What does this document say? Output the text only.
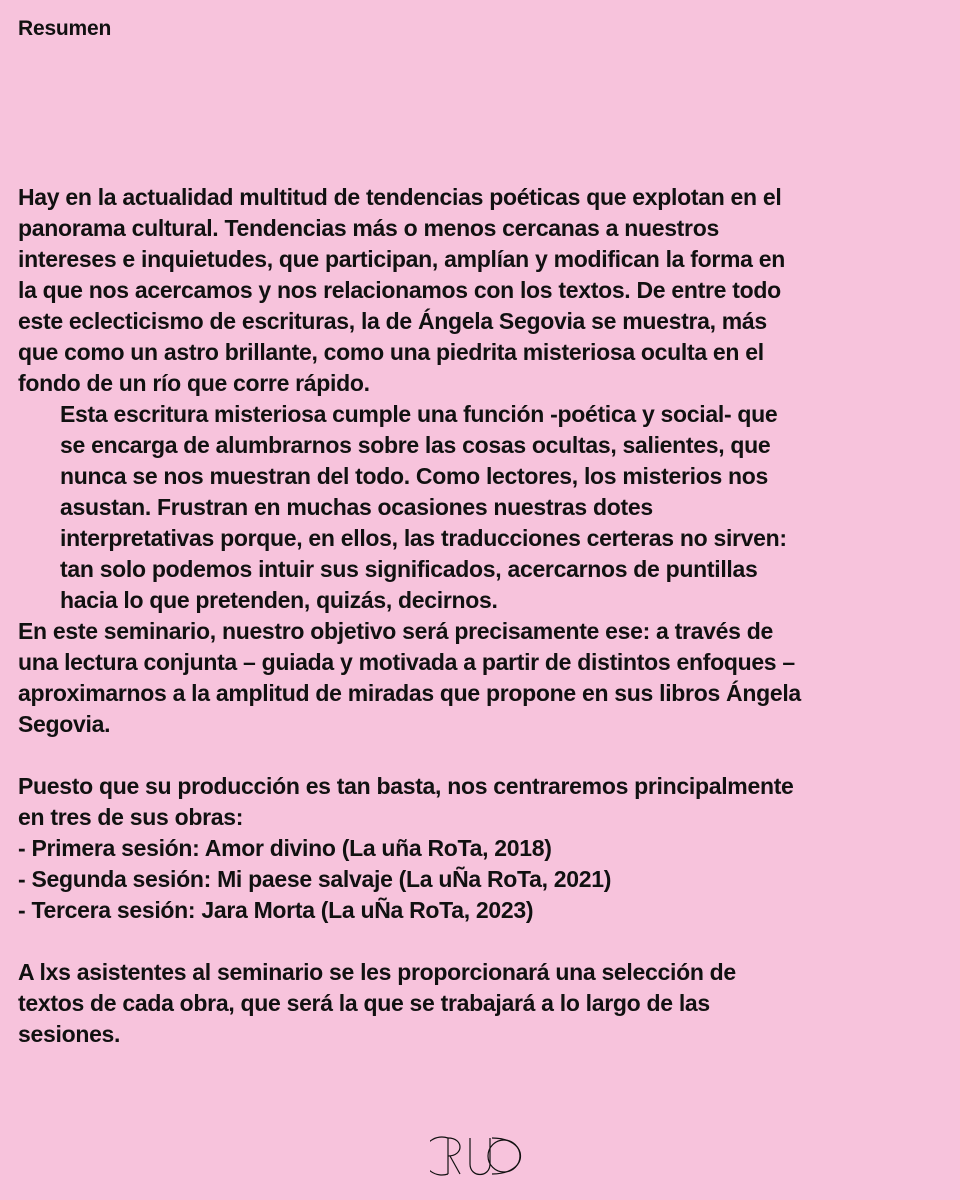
Resumen

Hay en la actualidad multitud de tendencias poéticas que explotan en el
panorama cultural. Tendencias más o menos cercanas a nuestros
intereses e inquietudes, que participan, amplían y modifican la forma en
la que nos acercamos y nos relacionamos con los textos. De entre todo
este eclecticismo de escrituras, la de Ángela Segovia se muestra, más
que como un astro brillante, como una piedrita misteriosa oculta en el
fondo de un río que corre rápido.

Esta escritura misteriosa cumple una función -poética y social- que
se encarga de alumbrarnos sobre las cosas ocultas, salientes, que
nunca se nos muestran del todo. Como lectores, los misterios nos
asustan. Frustran en muchas ocasiones nuestras dotes
interpretativas porque, en ellos, las traducciones certeras no sirven:
tan solo podemos intuir sus significados, acercarnos de puntillas
hacia lo que pretenden, quizás, decirnos.

En este seminario, nuestro objetivo será precisamente ese: a través de
una lectura conjunta – guiada y motivada a partir de distintos enfoques –
aproximarnos a la amplitud de miradas que propone en sus libros Ángela
Segovia.

Puesto que su producción es tan basta, nos centraremos principalmente
en tres de sus obras:
- Primera sesión: Amor divino (La uña RoTa, 2018)
- Segunda sesión: Mi paese salvaje (La uÑa RoTa, 2021)
- Tercera sesión: Jara Morta (La uÑa RoTa, 2023)

A lxs asistentes al seminario se les proporcionará una selección de
textos de cada obra, que será la que se trabajará a lo largo de las
sesiones.
